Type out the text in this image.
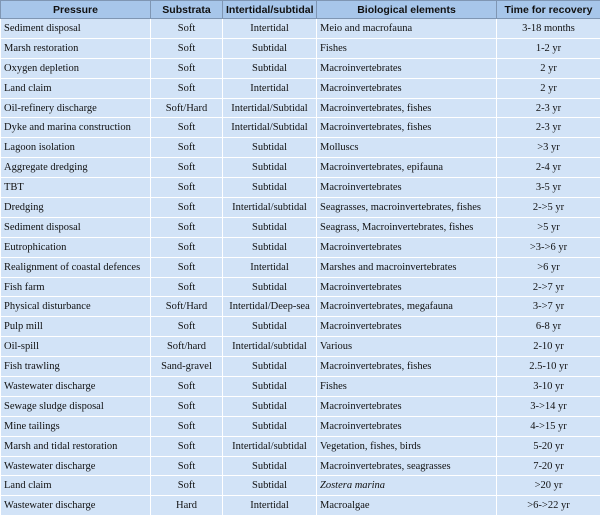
Pressure	Substrata	Intertidal/subtidal	Biological elements	Time for recovery
Sediment disposal	Soft	Intertidal	Meio and macrofauna	3-18 months
Marsh restoration	Soft	Subtidal	Fishes	1-2 yr
Oxygen depletion	Soft	Subtidal	Macroinvertebrates	2 yr
Land claim	Soft	Intertidal	Macroinvertebrates	2 yr
Oil-refinery discharge	Soft/Hard	Intertidal/Subtidal	Macroinvertebrates, fishes	2-3 yr
Dyke and marina construction	Soft	Intertidal/Subtidal	Macroinvertebrates, fishes	2-3 yr
Lagoon isolation	Soft	Subtidal	Molluscs	>3 yr
Aggregate dredging	Soft	Subtidal	Macroinvertebrates, epifauna	2-4 yr
TBT	Soft	Subtidal	Macroinvertebrates	3-5 yr
Dredging	Soft	Intertidal/subtidal	Seagrasses, macroinvertebrates, fishes	2->5 yr
Sediment disposal	Soft	Subtidal	Seagrass, Macroinvertebrates, fishes	>5 yr
Eutrophication	Soft	Subtidal	Macroinvertebrates	>3->6 yr
Realignment of coastal defences	Soft	Intertidal	Marshes and macroinvertebrates	>6 yr
Fish farm	Soft	Subtidal	Macroinvertebrates	2->7 yr
Physical disturbance	Soft/Hard	Intertidal/Deep-sea	Macroinvertebrates, megafauna	3->7 yr
Pulp mill	Soft	Subtidal	Macroinvertebrates	6-8 yr
Oil-spill	Soft/hard	Intertidal/subtidal	Various	2-10 yr
Fish trawling	Sand-gravel	Subtidal	Macroinvertebrates, fishes	2.5-10 yr
Wastewater discharge	Soft	Subtidal	Fishes	3-10 yr
Sewage sludge disposal	Soft	Subtidal	Macroinvertebrates	3->14 yr
Mine tailings	Soft	Subtidal	Macroinvertebrates	4->15 yr
Marsh and tidal restoration	Soft	Intertidal/subtidal	Vegetation, fishes, birds	5-20 yr
Wastewater discharge	Soft	Subtidal	Macroinvertebrates, seagrasses	7-20 yr
Land claim	Soft	Subtidal	Zostera marina	>20 yr
Wastewater discharge	Hard	Intertidal	Macroalgae	>6->22 yr
